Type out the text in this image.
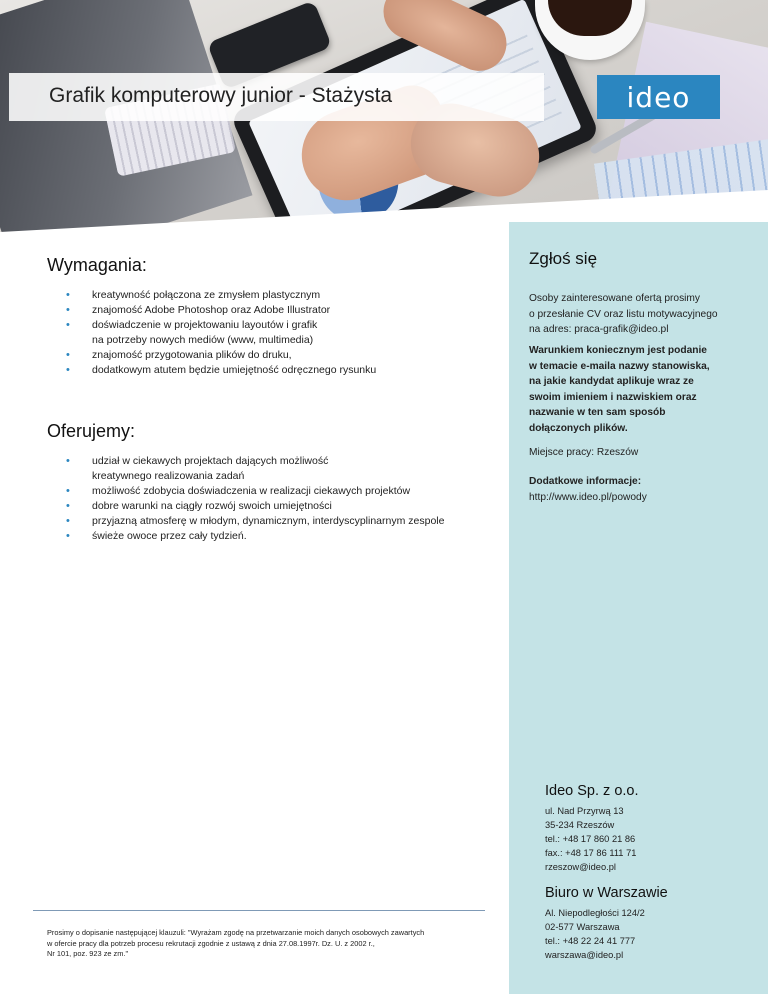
Grafik komputerowy junior - Stażysta	ideo
Wymagania:
• kreatywność połączona ze zmysłem plastycznym
• znajomość Adobe Photoshop oraz Adobe Illustrator
• doświadczenie w projektowaniu layoutów i grafik
na potrzeby nowych mediów (www, multimedia)
• znajomość przygotowania plików do druku,
• dodatkowym atutem będzie umiejętność odręcznego rysunku
Oferujemy:
• udział w ciekawych projektach dających możliwość
kreatywnego realizowania zadań
• możliwość zdobycia doświadczenia w realizacji ciekawych projektów
• dobre warunki na ciągły rozwój swoich umiejętności
• przyjazną atmosferę w młodym, dynamicznym, interdyscyplinarnym zespole
• świeże owoce przez cały tydzień.
Prosimy o dopisanie następującej klauzuli: "Wyrażam zgodę na przetwarzanie moich danych osobowych zawartych
w ofercie pracy dla potrzeb procesu rekrutacji zgodnie z ustawą z dnia 27.08.1997r. Dz. U. z 2002 r.,
Nr 101, poz. 923 ze zm."
Zgłoś się
Osoby zainteresowane ofertą prosimy
o przesłanie CV oraz listu motywacyjnego
na adres: praca-grafik@ideo.pl
Warunkiem koniecznym jest podanie
w temacie e-maila nazwy stanowiska,
na jakie kandydat aplikuje wraz ze
swoim imieniem i nazwiskiem oraz
nazwanie w ten sam sposób
dołączonych plików.
Miejsce pracy: Rzeszów
Dodatkowe informacje:
http://www.ideo.pl/powody
Ideo Sp. z o.o.
ul. Nad Przyrwą 13
35-234 Rzeszów
tel.: +48 17 860 21 86
fax.: +48 17 86 111 71
rzeszow@ideo.pl
Biuro w Warszawie
Al. Niepodległości 124/2
02-577 Warszawa
tel.: +48 22 24 41 777
warszawa@ideo.pl
